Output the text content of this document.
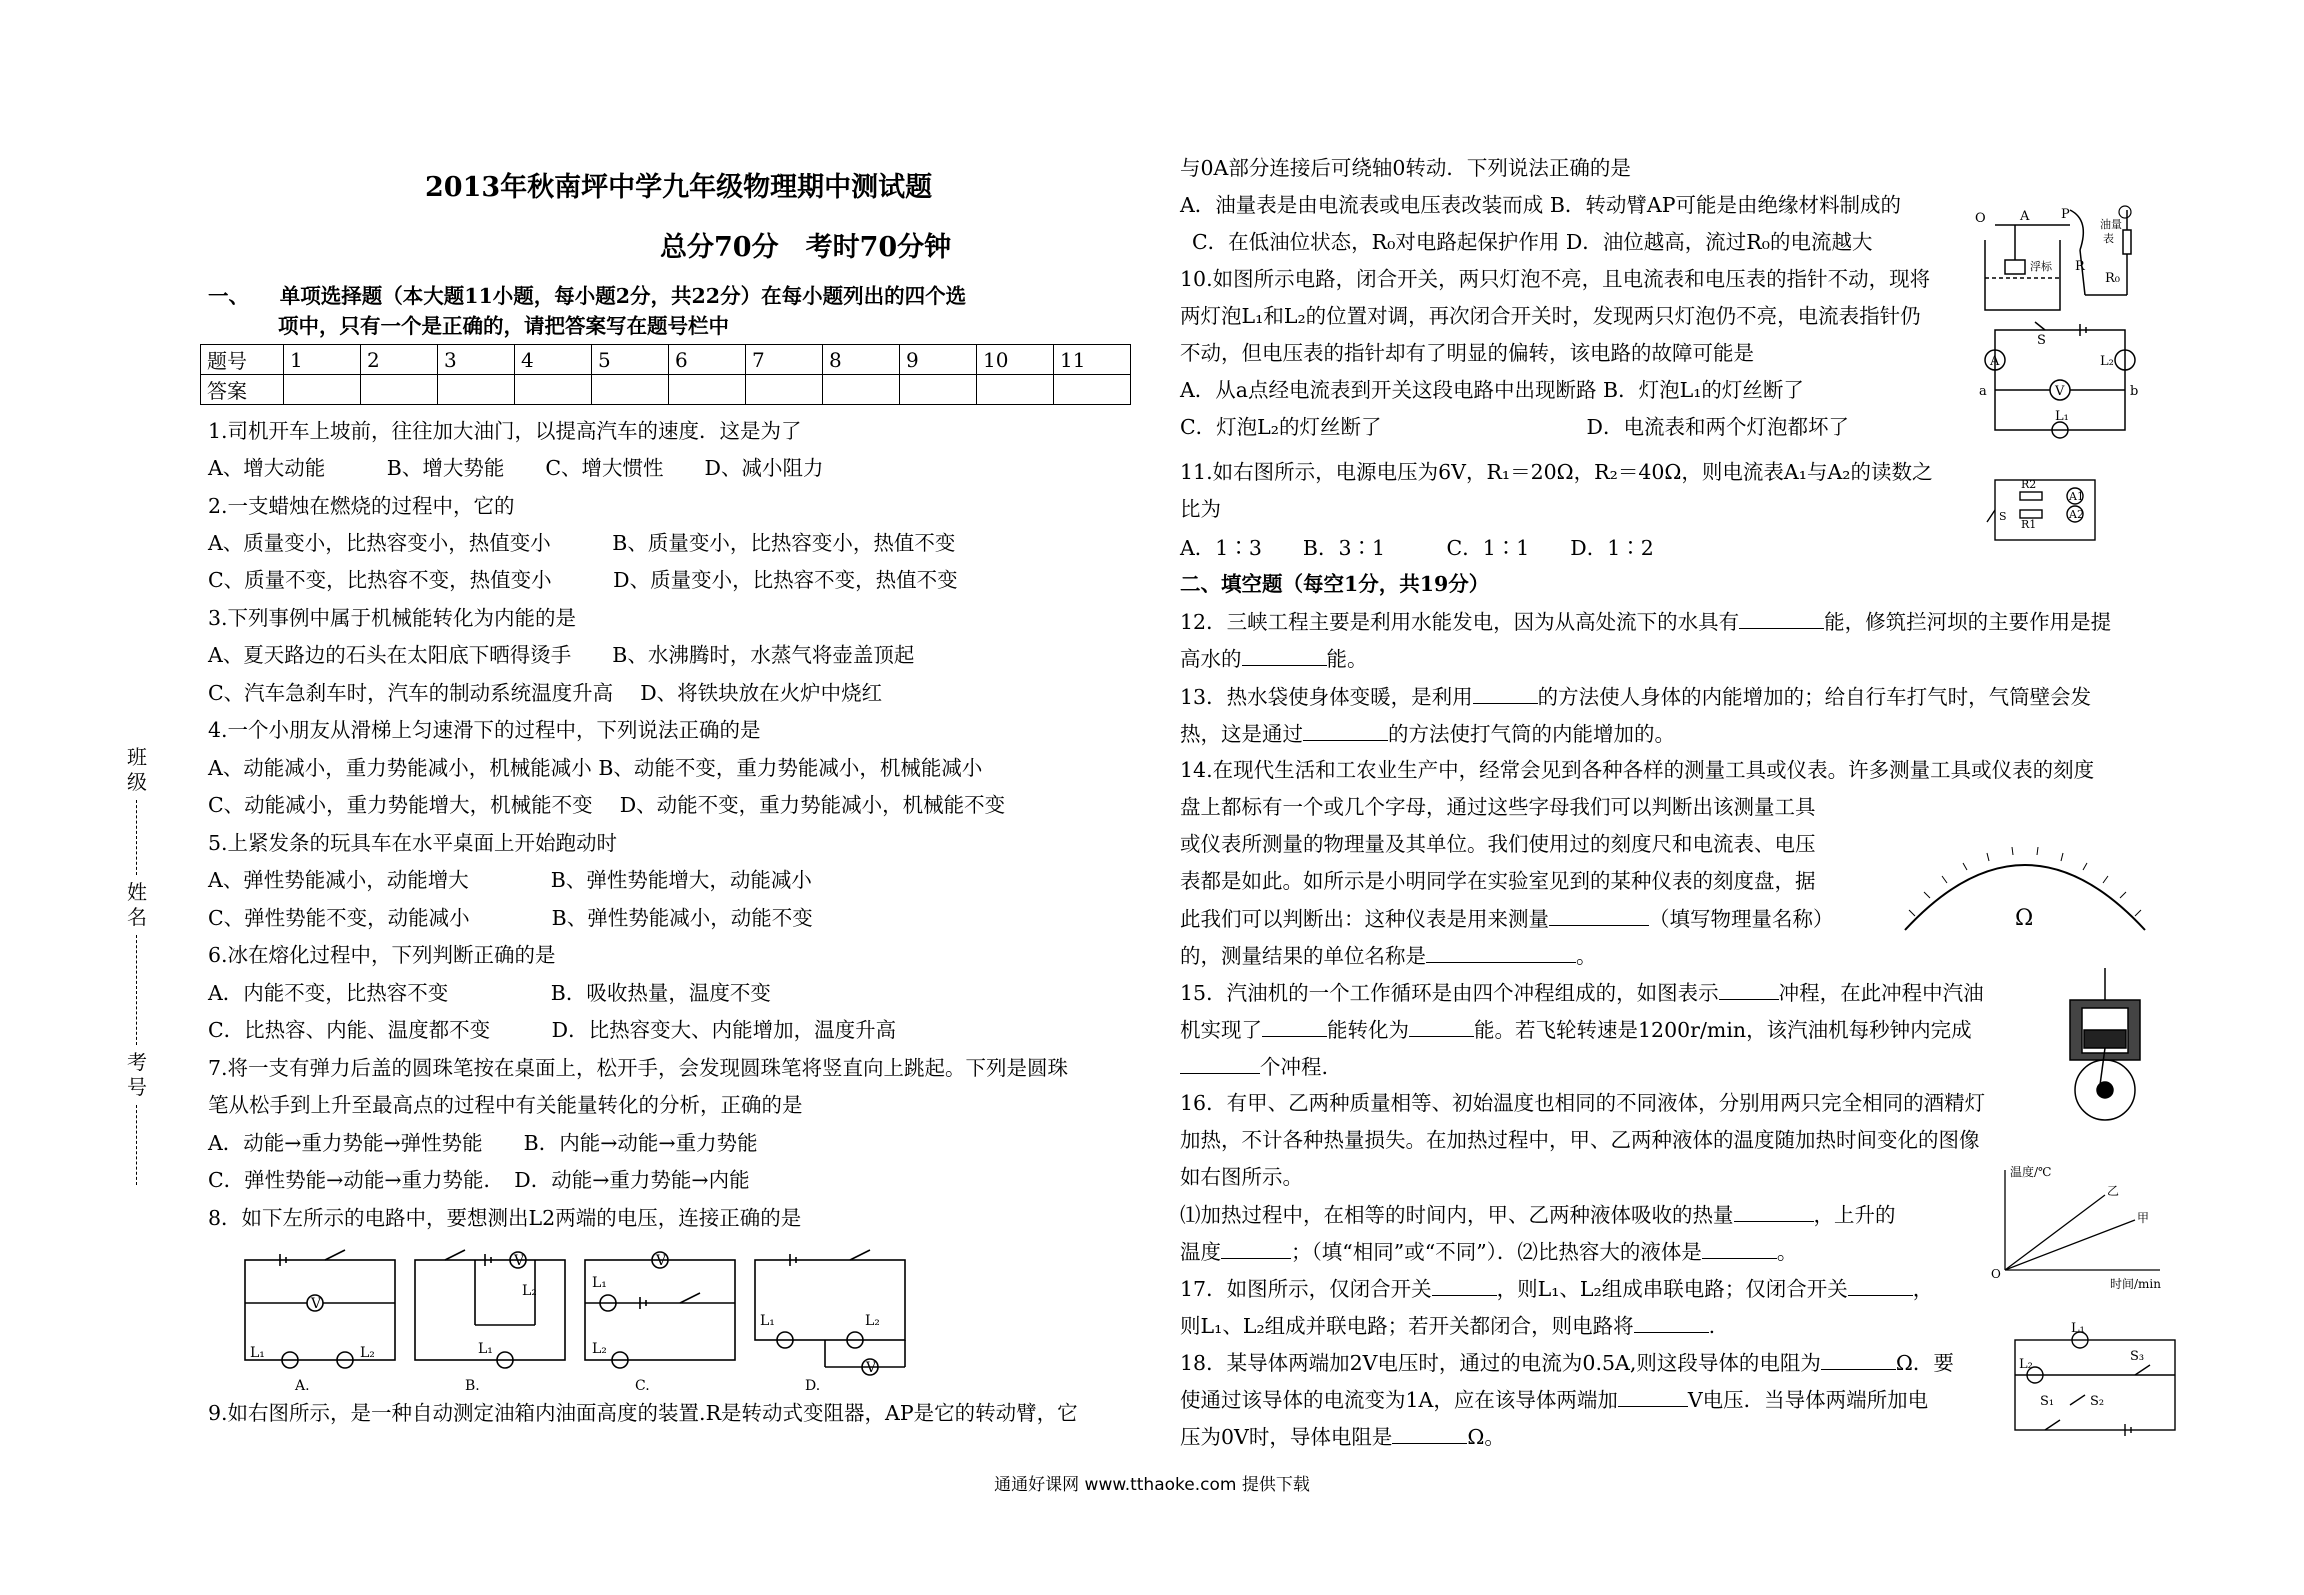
2013年秋南坪中学九年级物理期中测试题
总分70分　考时70分钟
一、　　单项选择题（本大题11小题，每小题2分，共22分）在每小题列出的四个选
项中，只有一个是正确的，请把答案写在题号栏中
题号	1	2	3	4	5	6	7	8	9	10	11
答案											
1.司机开车上坡前，往往加大油门，以提高汽车的速度．这是为了
A、增大动能　　　B、增大势能　　C、增大惯性　　D、减小阻力
2.一支蜡烛在燃烧的过程中，它的
A、质量变小，比热容变小，热值变小　　　B、质量变小，比热容变小，热值不变
C、质量不变，比热容不变，热值变小　　　D、质量变小，比热容不变，热值不变
3.下列事例中属于机械能转化为内能的是
A、夏天路边的石头在太阳底下晒得烫手　　B、水沸腾时，水蒸气将壶盖顶起
C、汽车急刹车时，汽车的制动系统温度升高　 D、将铁块放在火炉中烧红
4.一个小朋友从滑梯上匀速滑下的过程中，下列说法正确的是
A、动能减小，重力势能减小，机械能减小 B、动能不变，重力势能减小，机械能减小
C、动能减小，重力势能增大，机械能不变　 D、动能不变，重力势能减小，机械能不变
5.上紧发条的玩具车在水平桌面上开始跑动时
A、弹性势能减小，动能增大　　　　B、弹性势能增大，动能减小
C、弹性势能不变，动能减小　　　　B、弹性势能减小，动能不变
6.冰在熔化过程中，下列判断正确的是
A．内能不变，比热容不变　　　　　B．吸收热量，温度不变
C．比热容、内能、温度都不变　　　D．比热容变大、内能增加，温度升高
7.将一支有弹力后盖的圆珠笔按在桌面上，松开手，会发现圆珠笔将竖直向上跳起。下列是圆珠
笔从松手到上升至最高点的过程中有关能量转化的分析，正确的是
A．动能→重力势能→弹性势能　　B．内能→动能→重力势能
C．弹性势能→动能→重力势能．　D．动能→重力势能→内能
8．如下左所示的电路中，要想测出L2两端的电压，连接正确的是
V
L₁	L₂
V
L₂
L₁
V
L₁
L₂
L₁	L₂
V
A.	B.	C.	D.
9.如右图所示，是一种自动测定油箱内油面高度的装置.R是转动式变阻器，AP是它的转动臂，它
班级
姓名
考号
与0A部分连接后可绕轴0转动．下列说法正确的是
A．油量表是由电流表或电压表改装而成 B．转动臂AP可能是由绝缘材料制成的
C．在低油位状态，R₀对电路起保护作用 D．油位越高，流过R₀的电流越大
10.如图所示电路，闭合开关，两只灯泡不亮，且电流表和电压表的指针不动，现将
两灯泡L₁和L₂的位置对调，再次闭合开关时，发现两只灯泡仍不亮，电流表指针仍
不动，但电压表的指针却有了明显的偏转，该电路的故障可能是
A．从a点经电流表到开关这段电路中出现断路 B．灯泡L₁的灯丝断了
C．灯泡L₂的灯丝断了　　　　　　　　　　D．电流表和两个灯泡都坏了
11.如右图所示，电源电压为6V，R₁＝20Ω，R₂＝40Ω，则电流表A₁与A₂的读数之
比为
A．1∶3　　B．3∶1　　　C．1∶1　　D．1∶2
二、填空题（每空1分，共19分）
12．三峡工程主要是利用水能发电，因为从高处流下的水具有	能，修筑拦河坝的主要作用是提
高水的	能。
13．热水袋使身体变暖，是利用	的方法使人身体的内能增加的；给自行车打气时，气筒壁会发
热，这是通过	的方法使打气筒的内能增加的。
14.在现代生活和工农业生产中，经常会见到各种各样的测量工具或仪表。许多测量工具或仪表的刻度
盘上都标有一个或几个字母，通过这些字母我们可以判断出该测量工具
或仪表所测量的物理量及其单位。我们使用过的刻度尺和电流表、电压
表都是如此。如所示是小明同学在实验室见到的某种仪表的刻度盘，据
此我们可以判断出：这种仪表是用来测量	（填写物理量名称）
的，测量结果的单位名称是	。
15．汽油机的一个工作循环是由四个冲程组成的，如图表示	冲程，在此冲程中汽油
机实现了	能转化为	能。若飞轮转速是1200r/min，该汽油机每秒钟内完成
个冲程.
16．有甲、乙两种质量相等、初始温度也相同的不同液体，分别用两只完全相同的酒精灯
加热，不计各种热量损失。在加热过程中，甲、乙两种液体的温度随加热时间变化的图像
如右图所示。
⑴加热过程中，在相等的时间内，甲、乙两种液体吸收的热量	，上升的
温度	；（填“相同”或“不同”）．⑵比热容大的液体是	。
17．如图所示，仅闭合开关	，则L₁、L₂组成串联电路；仅闭合开关	，
则L₁、L₂组成并联电路；若开关都闭合，则电路将	.
18．某导体两端加2V电压时，通过的电流为0.5A,则这段导体的电阻为	Ω．要
使通过该导体的电流变为1A，应在该导体两端加	V电压．当导体两端所加电
压为0V时，导体电阻是	Ω。
O	A P
浮标 R
油量
表
R₀
A
V
S
L₂
a	b
L₁
R2
R1
A1
A2
S
Ω
温度/℃
时间/min
乙
甲
O
L₁
L₂
S₃
S₁	S₂
通通好课网 www.tthaoke.com 提供下载
